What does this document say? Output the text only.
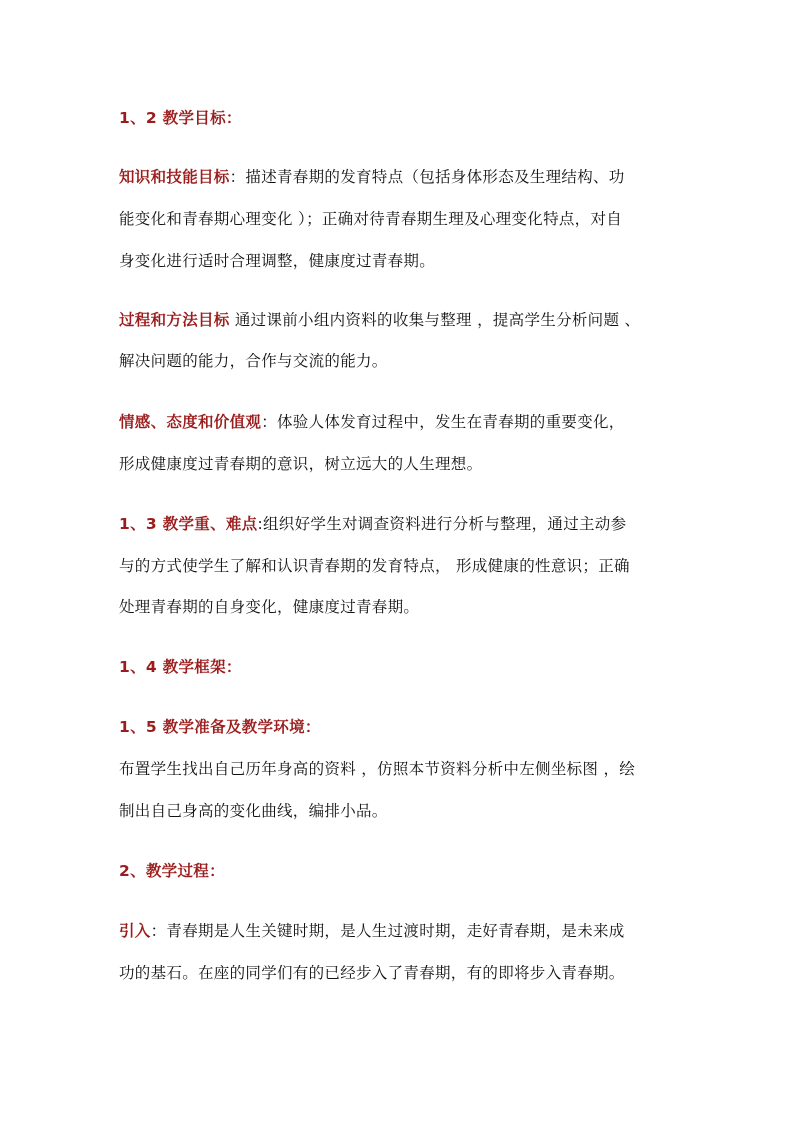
1、2 教学目标：
知识和技能目标：描述青春期的发育特点（包括身体形态及生理结构、功
能变化和青春期心理变化 ）；正确对待青春期生理及心理变化特点，对自
身变化进行适时合理调整，健康度过青春期。
过程和方法目标 通过课前小组内资料的收集与整理 ，提高学生分析问题 、
解决问题的能力，合作与交流的能力。
情感、态度和价值观：体验人体发育过程中，发生在青春期的重要变化，
形成健康度过青春期的意识，树立远大的人生理想。
1、3 教学重、难点:组织好学生对调查资料进行分析与整理，通过主动参
与的方式使学生了解和认识青春期的发育特点， 形成健康的性意识；正确
处理青春期的自身变化，健康度过青春期。
1、4 教学框架：
1、5 教学准备及教学环境：
布置学生找出自己历年身高的资料 ，仿照本节资料分析中左侧坐标图 ，绘
制出自己身高的变化曲线，编排小品。
2、教学过程：
引入：青春期是人生关键时期，是人生过渡时期，走好青春期，是未来成
功的基石。在座的同学们有的已经步入了青春期，有的即将步入青春期。
